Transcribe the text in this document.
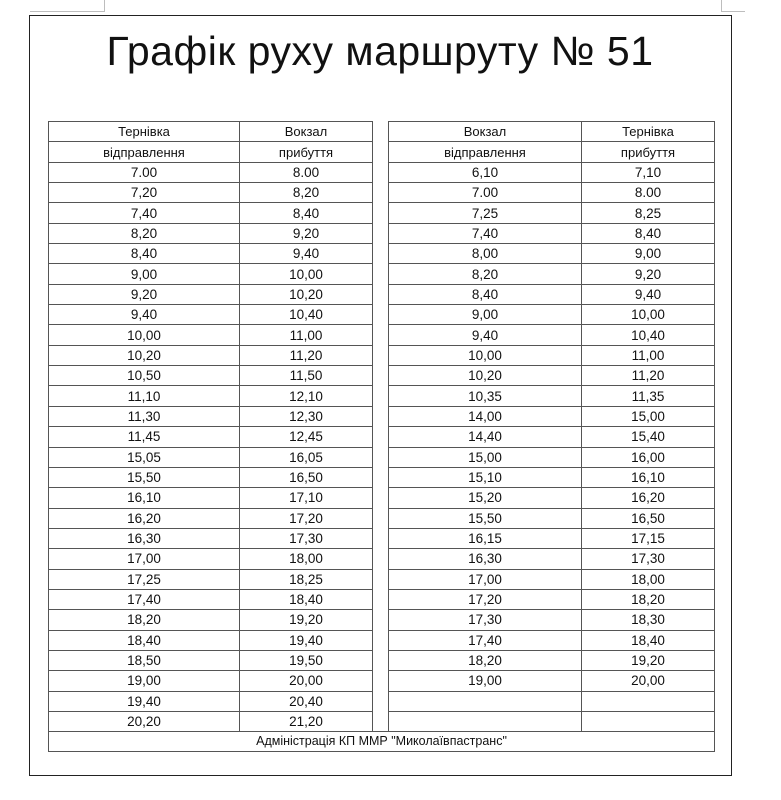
Графік руху маршруту № 51
Тернівка	Вокзал		Вокзал	Тернівка
відправлення	прибуття		відправлення	прибуття
7.00	8.00		6,10	7,10
7,20	8,20		7.00	8.00
7,40	8,40		7,25	8,25
8,20	9,20		7,40	8,40
8,40	9,40		8,00	9,00
9,00	10,00		8,20	9,20
9,20	10,20		8,40	9,40
9,40	10,40		9,00	10,00
10,00	11,00		9,40	10,40
10,20	11,20		10,00	11,00
10,50	11,50		10,20	11,20
11,10	12,10		10,35	11,35
11,30	12,30		14,00	15,00
11,45	12,45		14,40	15,40
15,05	16,05		15,00	16,00
15,50	16,50		15,10	16,10
16,10	17,10		15,20	16,20
16,20	17,20		15,50	16,50
16,30	17,30		16,15	17,15
17,00	18,00		16,30	17,30
17,25	18,25		17,00	18,00
17,40	18,40		17,20	18,20
18,20	19,20		17,30	18,30
18,40	19,40		17,40	18,40
18,50	19,50		18,20	19,20
19,00	20,00		19,00	20,00
19,40	20,40			
20,20	21,20			
Адміністрація КП ММР "Миколаївпастранс"				
